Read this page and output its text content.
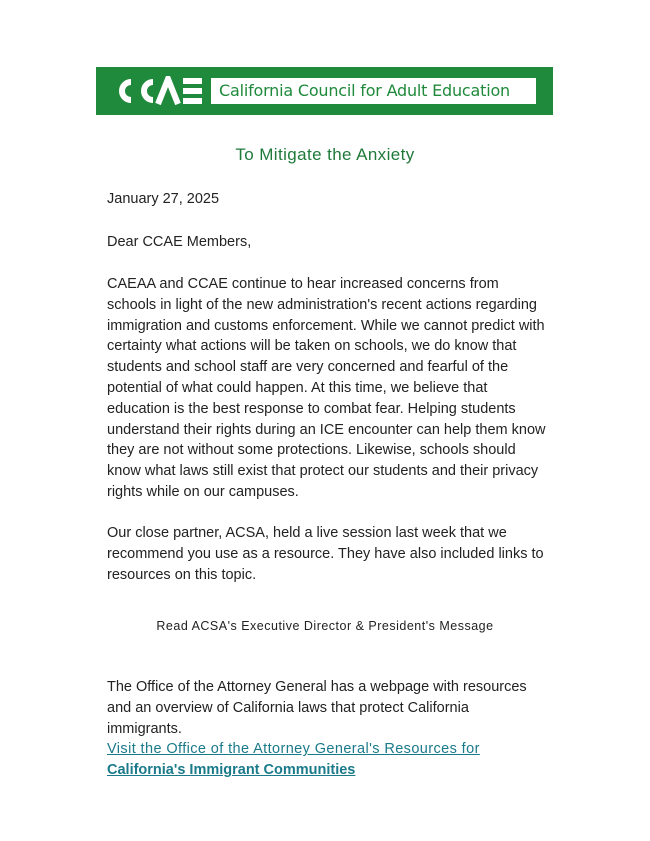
California Council for Adult Education
To Mitigate the Anxiety
January 27, 2025
Dear CCAE Members,
CAEAA and CCAE continue to hear increased concerns from schools in light of the new administration's recent actions regarding immigration and customs enforcement. While we cannot predict with certainty what actions will be taken on schools, we do know that students and school staff are very concerned and fearful of the potential of what could happen. At this time, we believe that education is the best response to combat fear. Helping students understand their rights during an ICE encounter can help them know they are not without some protections. Likewise, schools should know what laws still exist that protect our students and their privacy rights while on our campuses.
Our close partner, ACSA, held a live session last week that we recommend you use as a resource. They have also included links to resources on this topic.
Read ACSA's Executive Director & President's Message
The Office of the Attorney General has a webpage with resources and an overview of California laws that protect California immigrants.
Visit the Office of the Attorney General's Resources for
California's Immigrant Communities
